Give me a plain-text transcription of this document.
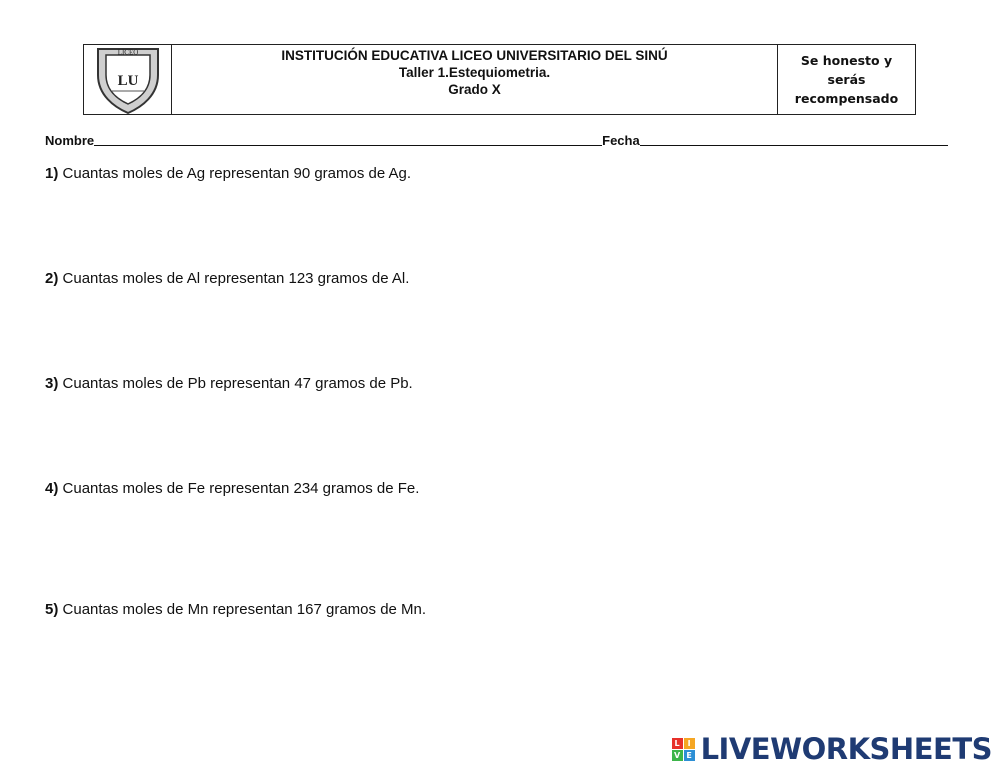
LICEO
LU
INSTITUCIÓN EDUCATIVA LICEO UNIVERSITARIO DEL SINÚ
Taller 1.Estequiometria.
Grado X
Se honesto y
serás
recompensado
Nombre	Fecha
1) Cuantas moles de Ag representan 90 gramos de Ag.
2) Cuantas moles de Al representan 123 gramos de Al.
3) Cuantas moles de Pb representan 47 gramos de Pb.
4) Cuantas moles de Fe representan 234 gramos de Fe.
5) Cuantas moles de Mn representan 167 gramos de Mn.
L I
V E LIVEWORKSHEETS
